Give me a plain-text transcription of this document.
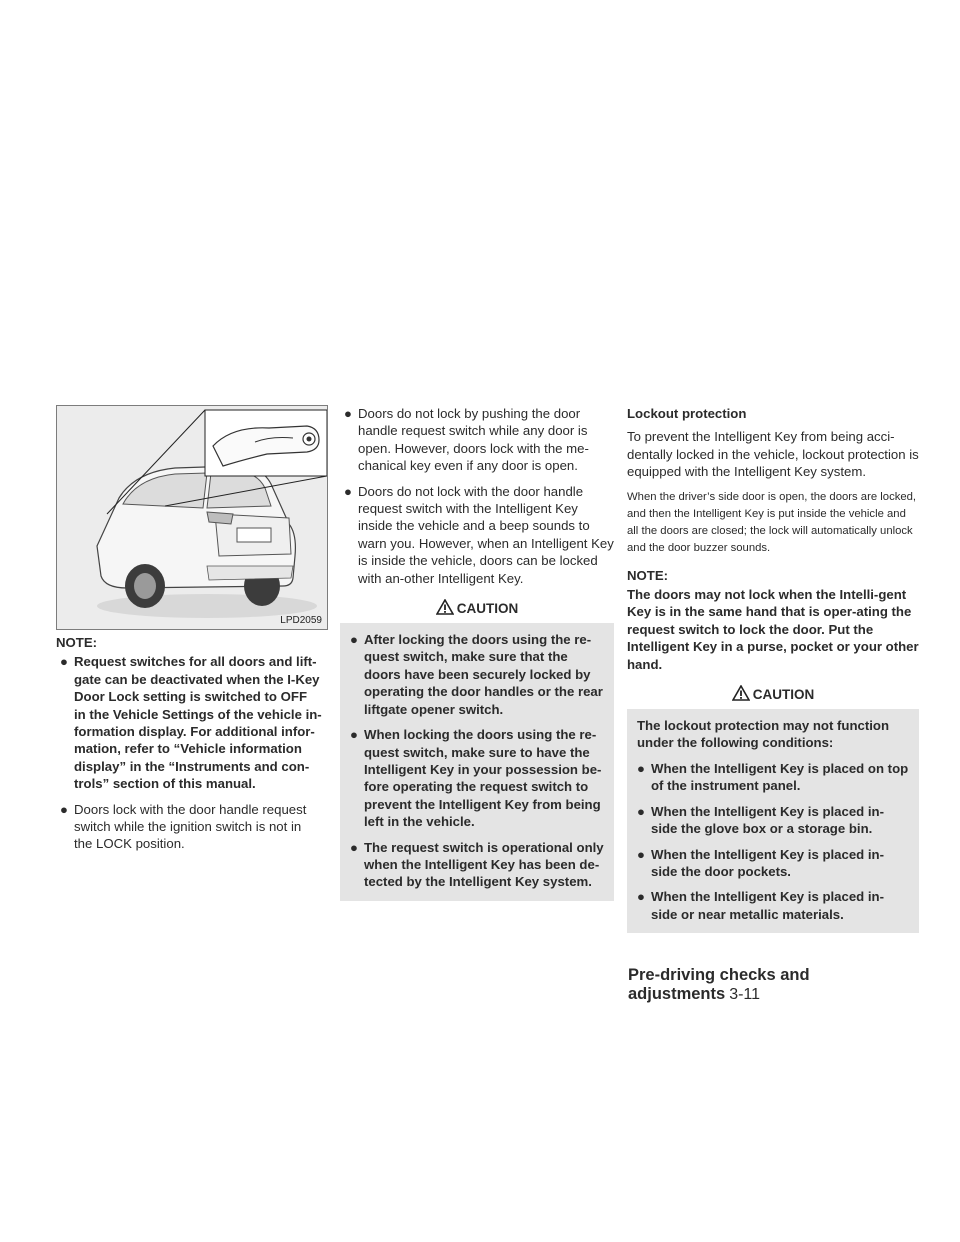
LPD2059
NOTE:
● Request switches for all doors and lift-gate can be deactivated when the I-Key Door Lock setting is switched to OFF in the Vehicle Settings of the vehicle in-formation display. For additional infor-mation, refer to “Vehicle information display” in the “Instruments and con-trols” section of this manual.
● Doors lock with the door handle request switch while the ignition switch is not in the LOCK position.
● Doors do not lock by pushing the door handle request switch while any door is open. However, doors lock with the me-chanical key even if any door is open.
● Doors do not lock with the door handle request switch with the Intelligent Key inside the vehicle and a beep sounds to warn you. However, when an Intelligent Key is inside the vehicle, doors can be locked with an-other Intelligent Key.
CAUTION
● After locking the doors using the re-quest switch, make sure that the doors have been securely locked by operating the door handles or the rear liftgate opener switch.
● When locking the doors using the re-quest switch, make sure to have the Intelligent Key in your possession be-fore operating the request switch to prevent the Intelligent Key from being left in the vehicle.
● The request switch is operational only when the Intelligent Key has been de-tected by the Intelligent Key system.
Lockout protection

To prevent the Intelligent Key from being acci-dentally locked in the vehicle, lockout protection is equipped with the Intelligent Key system.

When the driver’s side door is open, the doors are locked, and then the Intelligent Key is put inside the vehicle and all the doors are closed; the lock will automatically unlock and the door buzzer sounds.

NOTE:

The doors may not lock when the Intelli-gent Key is in the same hand that is oper-ating the request switch to lock the door. Put the Intelligent Key in a purse, pocket or your other hand.

CAUTION

The lockout protection may not function under the following conditions:

● When the Intelligent Key is placed on top of the instrument panel.
● When the Intelligent Key is placed in-side the glove box or a storage bin.
● When the Intelligent Key is placed in-side the door pockets.
● When the Intelligent Key is placed in-side or near metallic materials.
Pre-driving checks and adjustments 3-11
